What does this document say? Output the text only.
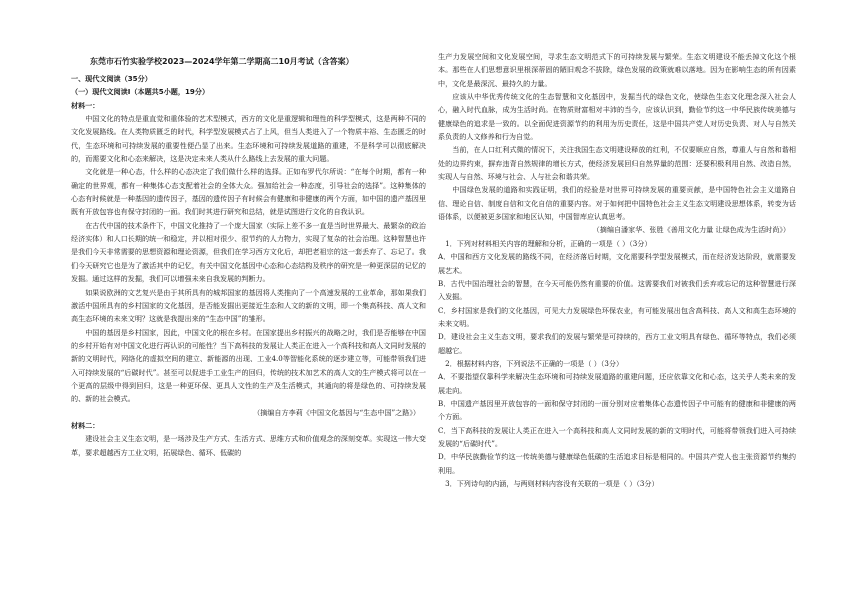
东莞市石竹实验学校2023—2024学年第二学期高二10月考试（含答案）

一、现代文阅读（35分）

（一）现代文阅读Ⅰ（本题共5小题，19分）

材料一：

中国文化的特点是重直觉和重体验的艺术型模式，西方的文化是重逻辑和理性的科学型模式，这是两种不同的文化发展路线。在人类物质匮乏的时代，科学型发展模式占了上风，但当人类进入了一个物质丰裕、生态匮乏的时代，生态环境和可持续发展的重要性便凸显了出来。生态环境和可持续发展道路的重建，不是科学可以彻底解决的，而需要文化和心态来解决，这是决定未来人类从什么路线上去发展的重大问题。

文化就是一种心态，什么样的心态决定了我们做什么样的选择。正如布罗代尔所说：“在每个时期，都有一种确定的世界观，都有一种集体心态支配着社会的全体大众。强加给社会一种态度，引导社会的选择”。这种集体的心态有时候就是一种基因的遗传因子，基因的遗传因子有时候会有健康和非健康的两个方面，如中国的遗产基因里既有开放包容也有保守封闭的一面。我们时其进行研究和总结，就是试图进行文化的自我认识。

在古代中国的技术条件下，中国文化推持了一个庞大国家（实际上差不多一直是当时世界最大、最繁杂的政治经济实体）和人口长期的统一和稳定，并以相对很少、很节约的人力物力，实现了复杂的社会治理。这种智慧也许是我们今天非常需要的思想资源和理论资源，但我们在学习西方文化后，却把老祖宗的这一套丢弃了、忘记了。我们今天研究它也是为了激活其中的记忆，有关中国文化基因中心态和心态结构及秩序的研究是一种更深层的记忆的发掘。通过这样的发掘，我们可以增强未来自我发展的判断力。

如果说欧洲的文艺复兴是由于其所具有的城邦国家的基因将人类推向了一个高速发展的工业革命，那如果我们激活中国所具有的乡村国家的文化基因，是否能发掘出更接近生态和人文的新的文明，即一个集高科技、高人文和高生态环境的未来文明？这就是我提出来的“生态中国”的雏形。

中国的基因是乡村国家，因此，中国文化的根在乡村。在国家提出乡村振兴的战略之时，我们是否能够在中国的乡村开始有对中国文化进行再认识的可能性？当下高科技的发展让人类正在进入一个高科技和高人文同时发展的新的文明时代，网络化的虚拟空间的建立、新能源的出现、工业4.0等智能化系统的逐步建立等，可能带领我们进入可持续发展的“后碳时代”。甚至可以促进手工业生产的回归，传统的技术加艺术的高人文的生产模式将可以在一个更高的层级中得到回归，这是一种更环保、更具人文性的生产及生活模式，其通向的将是绿色的、可持续发展的、新的社会模式。

（摘编自方李莉《中国文化基因与“生态中国”之路》）

材料二：

建设社会主义生态文明，是一场涉及生产方式、生活方式、思维方式和价值观念的深刻变革。实现这一伟大变革，要求超越西方工业文明，拓展绿色、循环、低碳的

生产力发展空间和文化发展空间，寻求生态文明范式下的可持续发展与繁荣。生态文明建设不能丢掉文化这个根本。那些在人们思想意识里根深蒂固的陋旧观念不拔除，绿色发展的政策就难以落地。因为在影响生态的所有因素中，文化是最深沉、最持久的力量。

应该从中华优秀传统文化的生态智慧和文化基因中，发掘当代的绿色文化，使绿色生态文化理念深入社会人心，融入时代血脉，成为生活时尚。在物质财富相对丰沛的当今，应该认识到，勤俭节约这一中华民族传统美德与健康绿色的追求是一致的。以全面促进资源节约的利用为历史责任，这是中国共产党人对历史负责、对人与自然关系负责的人文修养和行为自觉。

当前，在人口红利式微的情况下，关注我国生态文明建设释放的红利，不仅要顺应自然，尊重人与自然和谐相处的边界约束，摒弃违背自然规律的增长方式，使经济发展回归自然界量的范围：还要积极利用自然、改造自然，实现人与自然、环境与社会、人与社会和谐共荣。

中国绿色发展的道路和实践证明，我们的经验是对世界可持续发展的重要贡献，是中国特色社会主义道路自信、理论自信、制度自信和文化自信的重要内容。对于如何把中国特色社会主义生态文明建设思想体系，转变为话语体系，以便被更多国家和地区认知，中国智库应认真思考。

（摘编自潘家华、张胜《善用文化力量 让绿色成为生活时尚》）

1．下列对材料相关内容的理解和分析，正确的一项是（ ）（3分）

A．中国和西方文化发展的路线不同，在经济落后时期，文化需要科学型发展模式，而在经济发达阶段，就需要发展艺术。

B．古代中国治理社会的智慧，在今天可能仍然有重要的价值。这需要我们对被我们丢弃或忘记的这种智慧进行深入发掘。

C．乡村国家是我们的文化基因，可见大力发展绿色环保农业，有可能发展出包含高科技、高人文和高生态环境的未来文明。

D．建设社会主义生态文明，要求我们的发展与繁荣是可持续的，西方工业文明具有绿色、循环等特点，我们必须超越它。

2．根据材料内容，下列说法不正确的一项是（ ）（3分）

A．不要指望仅靠科学来解决生态环境和可持续发展道路的重建问题，还应依靠文化和心态，这关乎人类未来的发展走向。

B．中国遗产基因里开放包容的一面和保守封闭的一面分别对应着集体心态遗传因子中可能有的健康和非健康的两个方面。

C．当下高科技的发展让人类正在进入一个高科技和高人文同时发展的新的文明时代，可能将带领我们进入可持续发展的“后碳时代”。

D．中华民族勤俭节约这一传统美德与健康绿色低碳的生活追求目标是相同的。中国共产党人也主张资源节约集约利用。

3．下列诗句的内涵，与两则材料内容没有关联的一项是（ ）（3分）
